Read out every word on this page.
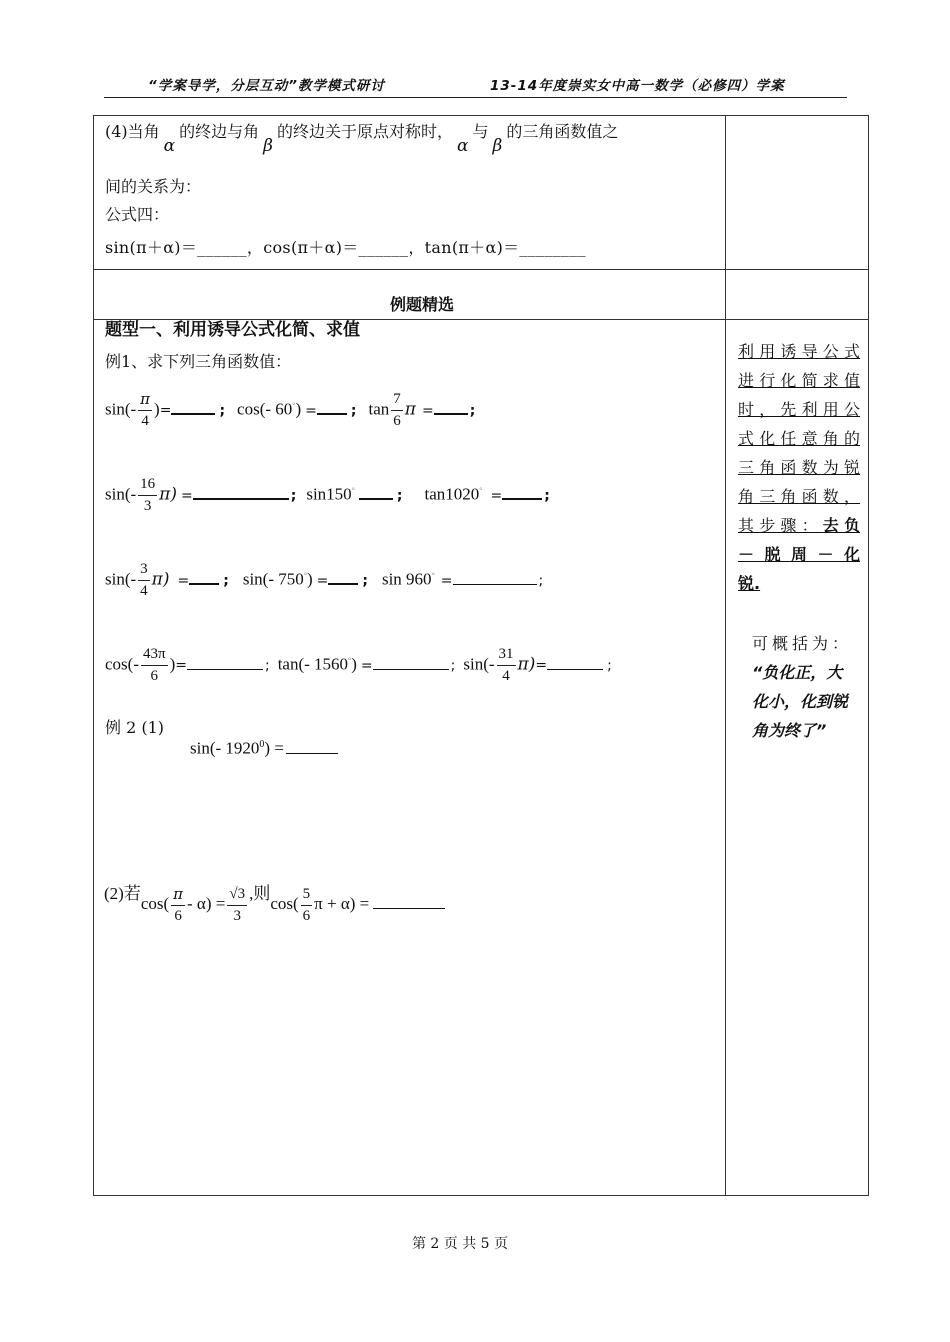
“学案导学，分层互动”教学模式研讨	13-14年度崇实女中高一数学（必修四）学案
(4)当角α的终边与角β的终边关于原点对称时，α与β的三角函数值之
间的关系为：
公式四：
sin(π＋α)＝______，cos(π＋α)＝______，tan(π＋α)＝________
例题精选
题型一、利用诱导公式化简、求值
例1、求下列三角函数值：
$\sin(- \frac{\pi}{4}$ )=	; cos(- 60°) = ; $\tan \frac{7}{6}$ π =	;
$\sin(- \frac{16}{3} \pi)$ =	; sin150°	; tan1020° =	;
$\sin(- \frac{3}{4} \pi)$ = ; sin(- 750°) = ; sin 960° =	;
$\cos(- \frac{43\pi}{6}$ )=	; tan(- 1560°) =	; $\sin(- \frac{31}{4} \pi)=$	;
例 2 (1)
sin(- $1920^0$) =
(2)若$\cos( \frac{\pi}{6} - \alpha) = \frac{√3}{3}$ ,则$\cos( \frac{5}{6}$ π + α) =
利用诱导公式
进行化简求值
时，先利用公
式化任意角的
三角函数为锐
角三角函数，
其步骤：去负
－脱周－化
锐.
可概括为：
“负化正，大
化小，化到锐
角为终了”
第 2 页 共 5 页
